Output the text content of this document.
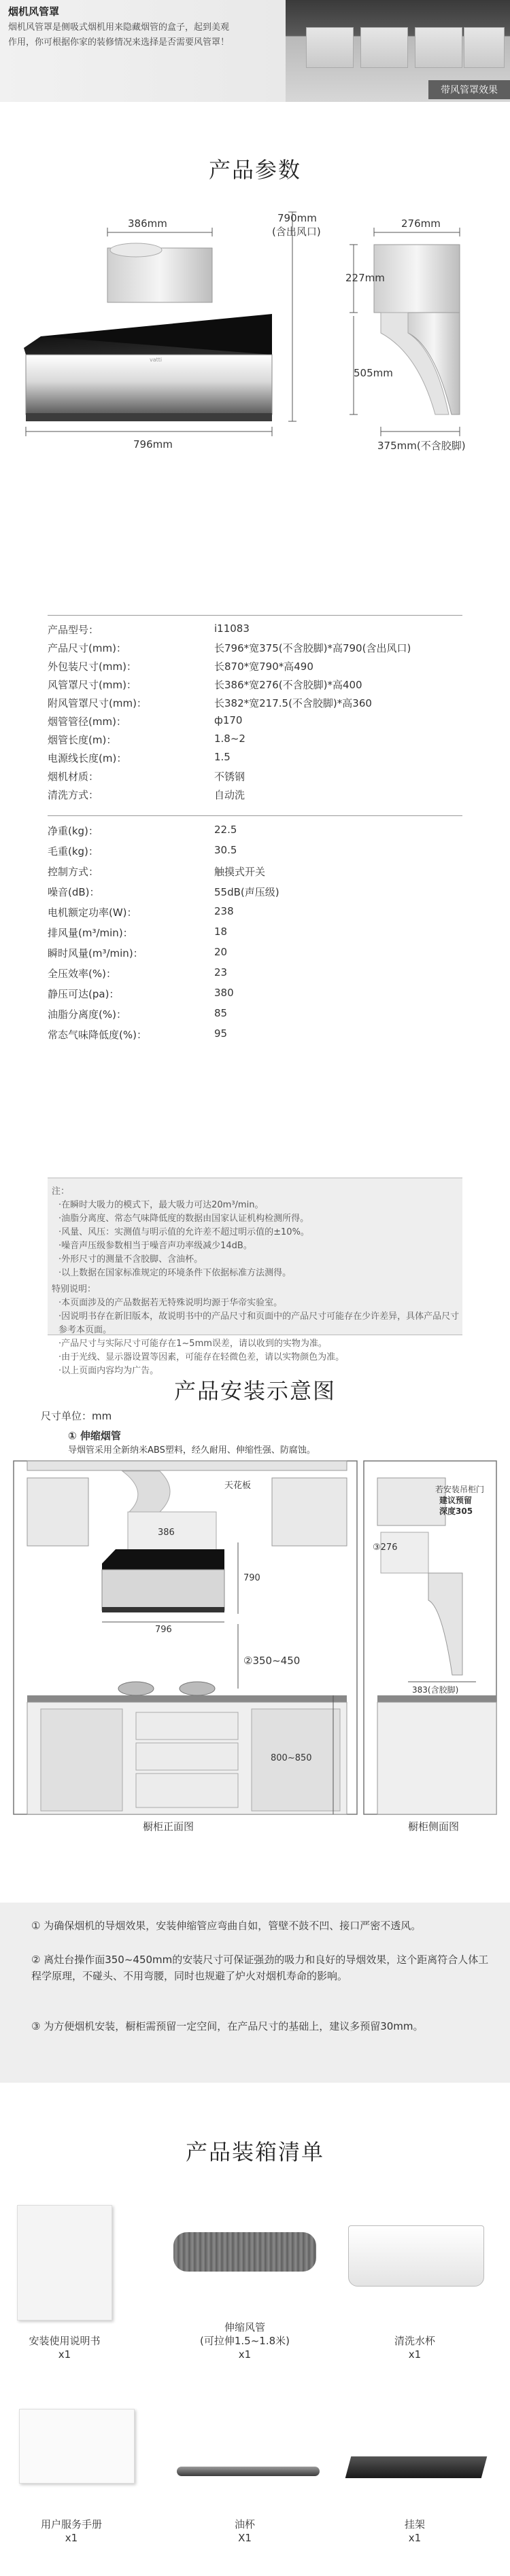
烟机风管罩
烟机风管罩是侧吸式烟机用来隐藏烟管的盒子，起到美观作用，你可根据你家的装修情况来选择是否需要风管罩！
带风管罩效果
产品参数
vatti
386mm
796mm
790mm
(含出风口)
276mm
227mm
505mm
375mm(不含胶脚)
产品型号：	i11083
产品尺寸(mm)：	长796*宽375(不含胶脚)*高790(含出风口)
外包装尺寸(mm)：	长870*宽790*高490
风管罩尺寸(mm)：	长386*宽276(不含胶脚)*高400
附风管罩尺寸(mm)：	长382*宽217.5(不含胶脚)*高360
烟管管径(mm)：	ф170
烟管长度(m)：	1.8~2
电源线长度(m)：	1.5
烟机材质：	不锈钢
清洗方式：	自动洗
净重(kg)：	22.5
毛重(kg)：	30.5
控制方式：	触摸式开关
噪音(dB)：	55dB(声压级)
电机额定功率(W)：	238
排风量(m³/min)：	18
瞬时风量(m³/min)：	20
全压效率(%)：	23
静压可达(pa)：	380
油脂分离度(%)：	85
常态气味降低度(%)：	95

注：

·在瞬时大吸力的模式下，最大吸力可达20m³/min。

·油脂分离度、常态气味降低度的数据由国家认证机构检测所得。

·风量、风压：实测值与明示值的允许差不超过明示值的±10%。

·噪音声压级参数相当于噪音声功率级减少14dB。

·外形尺寸的测量不含胶脚、含油杯。

·以上数据在国家标准规定的环境条件下依据标准方法测得。

特别说明：

·本页面涉及的产品数据若无特殊说明均源于华帝实验室。

·因说明书存在新旧版本，故说明书中的产品尺寸和页面中的产品尺寸可能存在少许差异，具体产品尺寸参考本页面。

·产品尺寸与实际尺寸可能存在1~5mm误差，请以收到的实物为准。

·由于光线、显示器设置等因素，可能存在轻微色差，请以实物颜色为准。

·以上页面内容均为广告。

产品安装示意图
尺寸单位：mm
① 伸缩烟管
导烟管采用全新纳米ABS塑料，经久耐用、伸缩性强、防腐蚀。
天花板
386
790
796
②350~450
800~850
橱柜正面图	橱柜侧面图
若安装吊柜门
建议预留
深度305
③276
383(含胶脚)
① 为确保烟机的导烟效果，安装伸缩管应弯曲自如，管壁不鼓不凹、接口严密不透风。
② 离灶台操作面350~450mm的安装尺寸可保证强劲的吸力和良好的导烟效果，这个距离符合人体工程学原理，不碰头、不用弯腰，同时也规避了炉火对烟机寿命的影响。
③ 为方便烟机安装，橱柜需预留一定空间，在产品尺寸的基础上，建议多预留30mm。
产品装箱清单
安装使用说明书
x1
伸缩风管
(可拉伸1.5~1.8米)
x1
清洗水杯
x1
用户服务手册
x1
油杯
X1
挂架
x1
